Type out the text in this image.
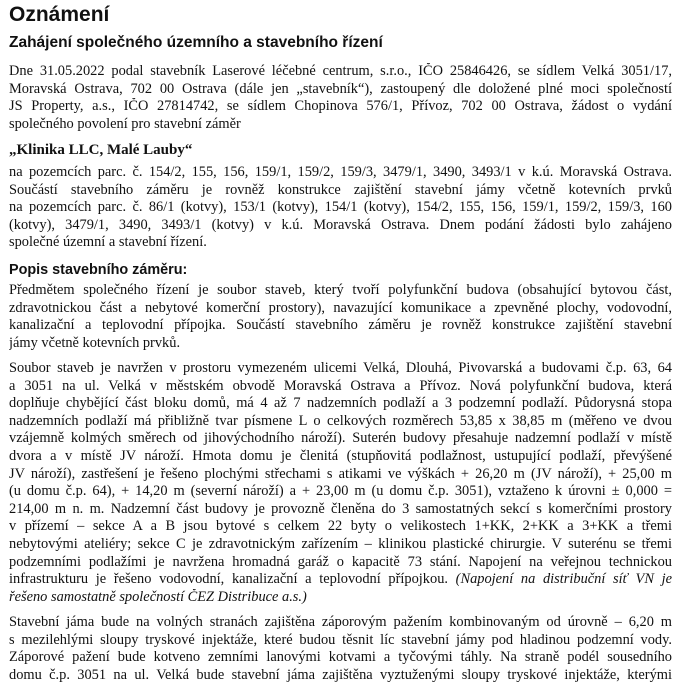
Oznámení
Zahájení společného územního a stavebního řízení
Dne 31.05.2022 podal stavebník Laserové léčebné centrum, s.r.o., IČO 25846426, se sídlem Velká 3051/17,
Moravská Ostrava, 702 00 Ostrava (dále jen „stavebník“), zastoupený dle doložené plné moci společností
JS Property, a.s., IČO 27814742, se sídlem Chopinova 576/1, Přívoz, 702 00 Ostrava, žádost o vydání
společného povolení pro stavební záměr
„Klinika LLC, Malé Lauby“
na pozemcích parc. č. 154/2, 155, 156, 159/1, 159/2, 159/3, 3479/1, 3490, 3493/1 v k.ú. Moravská Ostrava.
Součástí stavebního záměru je rovněž konstrukce zajištění stavební jámy včetně kotevních prvků
na pozemcích parc. č. 86/1 (kotvy), 153/1 (kotvy), 154/1 (kotvy), 154/2, 155, 156, 159/1, 159/2, 159/3, 160
(kotvy), 3479/1, 3490, 3493/1 (kotvy) v k.ú. Moravská Ostrava. Dnem podání žádosti bylo zahájeno
společné územní a stavební řízení.
Popis stavebního záměru:
Předmětem společného řízení je soubor staveb, který tvoří polyfunkční budova (obsahující bytovou část,
zdravotnickou část a nebytové komerční prostory), navazující komunikace a zpevněné plochy, vodovodní,
kanalizační a teplovodní přípojka. Součástí stavebního záměru je rovněž konstrukce zajištění stavební
jámy včetně kotevních prvků.
Soubor staveb je navržen v prostoru vymezeném ulicemi Velká, Dlouhá, Pivovarská a budovami č.p. 63, 64
a 3051 na ul. Velká v městském obvodě Moravská Ostrava a Přívoz. Nová polyfunkční budova, která
doplňuje chybějící část bloku domů, má 4 až 7 nadzemních podlaží a 3 podzemní podlaží. Půdorysná stopa
nadzemních podlaží má přibližně tvar písmene L o celkových rozměrech 53,85 x 38,85 m (měřeno ve dvou
vzájemně kolmých směrech od jihovýchodního nároží). Suterén budovy přesahuje nadzemní podlaží v místě
dvora a v místě JV nároží. Hmota domu je členitá (stupňovitá podlažnost, ustupující podlaží, převýšené
JV nároží), zastřešení je řešeno plochými střechami s atikami ve výškách + 26,20 m (JV nároží), + 25,00 m
(u domu č.p. 64), + 14,20 m (severní nároží) a + 23,00 m (u domu č.p. 3051), vztaženo k úrovni ± 0,000 =
214,00 m n. m. Nadzemní část budovy je provozně členěna do 3 samostatných sekcí s komerčními prostory
v přízemí – sekce A a B jsou bytové s celkem 22 byty o velikostech 1+KK, 2+KK a 3+KK a třemi
nebytovými ateliéry; sekce C je zdravotnickým zařízením – klinikou plastické chirurgie. V suterénu se třemi
podzemními podlažími je navržena hromadná garáž o kapacitě 73 stání. Napojení na veřejnou technickou
infrastrukturu je řešeno vodovodní, kanalizační a teplovodní přípojkou. (Napojení na distribuční síť VN je
řešeno samostatně společností ČEZ Distribuce a.s.)
Stavební jáma bude na volných stranách zajištěna záporovým pažením kombinovaným od úrovně – 6,20 m
s mezilehlými sloupy tryskové injektáže, které budou těsnit líc stavební jámy pod hladinou podzemní vody.
Záporové pažení bude kotveno zemními lanovými kotvami a tyčovými táhly. Na straně podél sousedního
domu č.p. 3051 na ul. Velká bude stavební jáma zajištěna vyztuženými sloupy tryskové injektáže, kterými
